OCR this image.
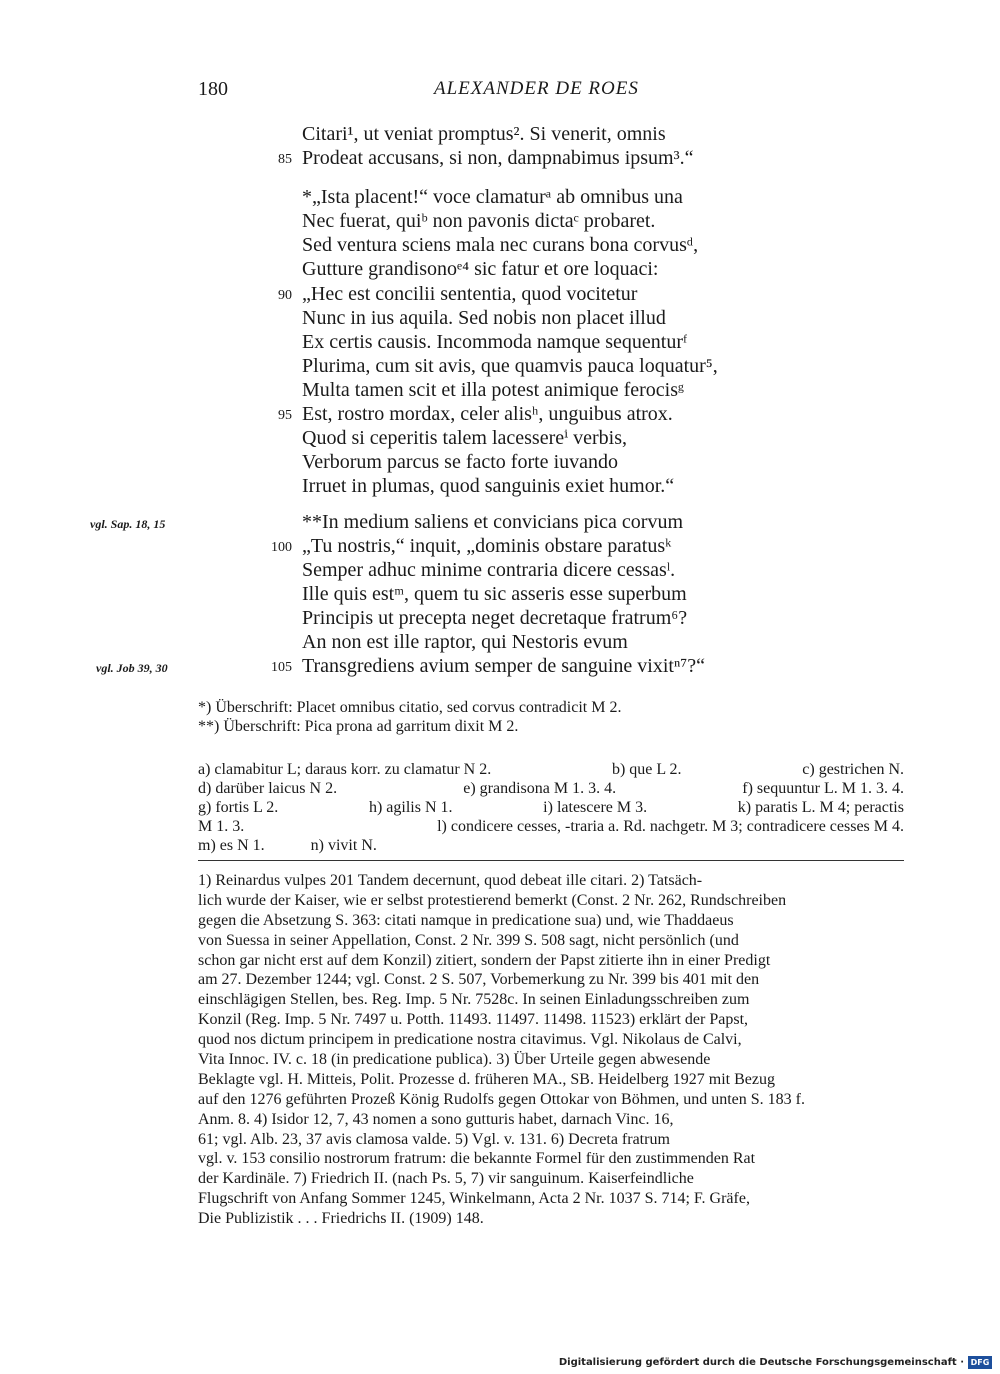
180	ALEXANDER DE ROES
Citari¹, ut veniat promptus². Si venerit, omnis
Prodeat accusans, si non, dampnabimus ipsum³.“
*„Ista placent!“ voce clamaturᵃ ab omnibus una
Nec fuerat, quiᵇ non pavonis dictaᶜ probaret.
Sed ventura sciens mala nec curans bona corvusᵈ,
Gutture grandisonoᵉ⁴ sic fatur et ore loquaci:
„Hec est concilii sententia, quod vocitetur
Nunc in ius aquila. Sed nobis non placet illud
Ex certis causis. Incommoda namque sequenturᶠ
Plurima, cum sit avis, que quamvis pauca loquatur⁵,
Multa tamen scit et illa potest animique ferocisᵍ
Est, rostro mordax, celer alisʰ, unguibus atrox.
Quod si ceperitis talem lacessereⁱ verbis,
Verborum parcus se facto forte iuvando
Irruet in plumas, quod sanguinis exiet humor.“
**In medium saliens et convicians pica corvum
„Tu nostris,“ inquit, „dominis obstare paratusᵏ
Semper adhuc minime contraria dicere cessasˡ.
Ille quis estᵐ, quem tu sic asseris esse superbum
Principis ut precepta neget decretaque fratrum⁶?
An non est ille raptor, qui Nestoris evum
Transgrediens avium semper de sanguine vixitⁿ⁷?“
85
90
95
100
105
vgl. Sap. 18, 15
vgl. Job 39, 30
*) Überschrift: Placet omnibus citatio, sed corvus contradicit M 2.
**) Überschrift: Pica prona ad garritum dixit M 2.
a) clamabitur L; daraus korr. zu clamatur N 2.	b) que L 2.	c) gestrichen N.
d) darüber laicus N 2.	e) grandisona M 1. 3. 4.	f) sequuntur L. M 1. 3. 4.
g) fortis L 2.	h) agilis N 1.	i) latescere M 3.	k) paratis L. M 4; peractis
M 1. 3.	l) condicere cesses, -traria a. Rd. nachgetr. M 3; contradicere cesses M 4.
m) es N 1.	n) vivit N.
1) Reinardus vulpes 201 Tandem decernunt, quod debeat ille citari. 2) Tatsäch-
lich wurde der Kaiser, wie er selbst protestierend bemerkt (Const. 2 Nr. 262, Rundschreiben
gegen die Absetzung S. 363: citati namque in predicatione sua) und, wie Thaddaeus
von Suessa in seiner Appellation, Const. 2 Nr. 399 S. 508 sagt, nicht persönlich (und
schon gar nicht erst auf dem Konzil) zitiert, sondern der Papst zitierte ihn in einer Predigt
am 27. Dezember 1244; vgl. Const. 2 S. 507, Vorbemerkung zu Nr. 399 bis 401 mit den
einschlägigen Stellen, bes. Reg. Imp. 5 Nr. 7528c. In seinen Einladungsschreiben zum
Konzil (Reg. Imp. 5 Nr. 7497 u. Potth. 11493. 11497. 11498. 11523) erklärt der Papst,
quod nos dictum principem in predicatione nostra citavimus. Vgl. Nikolaus de Calvi,
Vita Innoc. IV. c. 18 (in predicatione publica). 3) Über Urteile gegen abwesende
Beklagte vgl. H. Mitteis, Polit. Prozesse d. früheren MA., SB. Heidelberg 1927 mit Bezug
auf den 1276 geführten Prozeß König Rudolfs gegen Ottokar von Böhmen, und unten S. 183 f.
Anm. 8. 4) Isidor 12, 7, 43 nomen a sono gutturis habet, darnach Vinc. 16,
61; vgl. Alb. 23, 37 avis clamosa valde. 5) Vgl. v. 131. 6) Decreta fratrum
vgl. v. 153 consilio nostrorum fratrum: die bekannte Formel für den zustimmenden Rat
der Kardinäle. 7) Friedrich II. (nach Ps. 5, 7) vir sanguinum. Kaiserfeindliche
Flugschrift von Anfang Sommer 1245, Winkelmann, Acta 2 Nr. 1037 S. 714; F. Gräfe,
Die Publizistik . . . Friedrichs II. (1909) 148.
Digitalisierung gefördert durch die Deutsche Forschungsgemeinschaft · DFG
